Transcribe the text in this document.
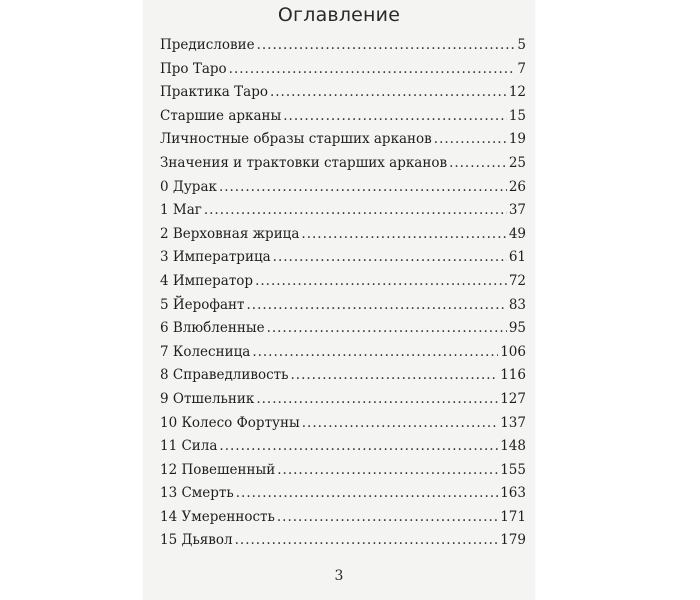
Оглавление
3
Предисловие .....	5
Про Таро .....	7
Практика Таро .....	12
Старшие арканы .....	15
Личностные образы старших арканов .....	19
Значения и трактовки старших арканов .....	25
0 Дурак .....	26
1 Маг .....	37
2 Верховная жрица .....	49
3 Императрица .....	61
4 Император .....	72
5 Йерофант .....	83
6 Влюбленные .....	95
7 Колесница .....	106
8 Справедливость .....	116
9 Отшельник .....	127
10 Колесо Фортуны .....	137
11 Сила .....	148
12 Повешенный .....	155
13 Смерть .....	163
14 Умеренность .....	171
15 Дьявол .....	179
